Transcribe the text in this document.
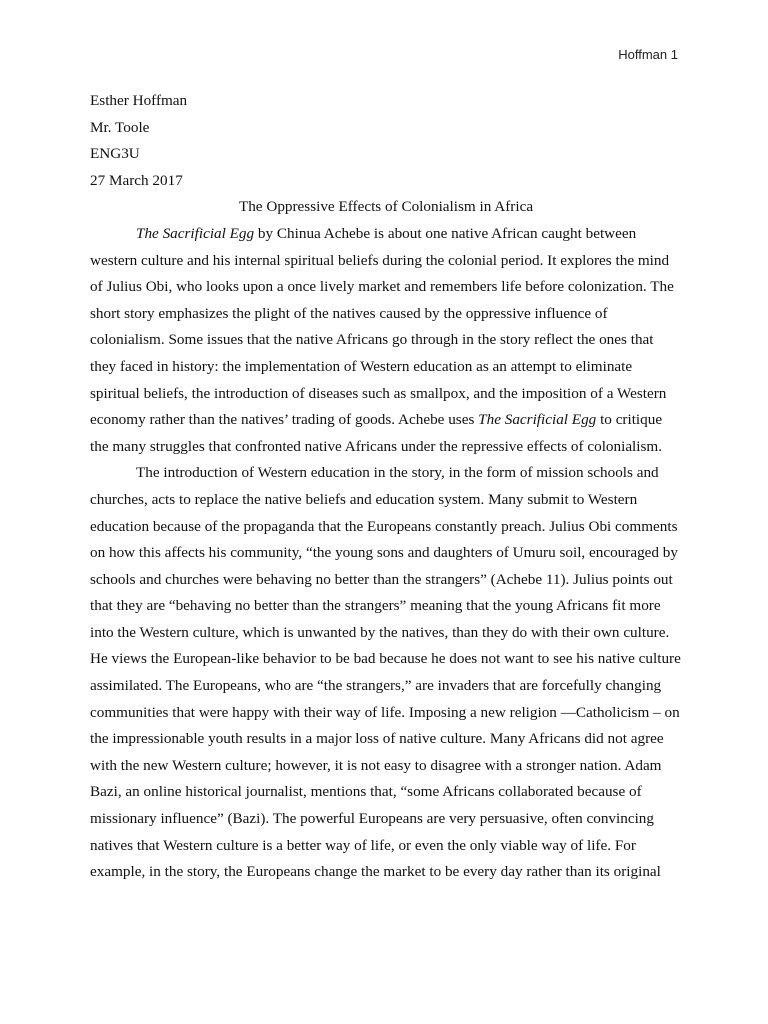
Hoffman 1
Esther Hoffman
Mr. Toole
ENG3U
27 March 2017
The Oppressive Effects of Colonialism in Africa
The Sacrificial Egg by Chinua Achebe is about one native African caught between
western culture and his internal spiritual beliefs during the colonial period. It explores the mind
of Julius Obi, who looks upon a once lively market and remembers life before colonization. The
short story emphasizes the plight of the natives caused by the oppressive influence of
colonialism. Some issues that the native Africans go through in the story reflect the ones that
they faced in history: the implementation of Western education as an attempt to eliminate
spiritual beliefs, the introduction of diseases such as smallpox, and the imposition of a Western
economy rather than the natives’ trading of goods. Achebe uses The Sacrificial Egg to critique
the many struggles that confronted native Africans under the repressive effects of colonialism.
The introduction of Western education in the story, in the form of mission schools and
churches, acts to replace the native beliefs and education system. Many submit to Western
education because of the propaganda that the Europeans constantly preach. Julius Obi comments
on how this affects his community, “the young sons and daughters of Umuru soil, encouraged by
schools and churches were behaving no better than the strangers” (Achebe 11). Julius points out
that they are “behaving no better than the strangers” meaning that the young Africans fit more
into the Western culture, which is unwanted by the natives, than they do with their own culture.
He views the European-like behavior to be bad because he does not want to see his native culture
assimilated. The Europeans, who are “the strangers,” are invaders that are forcefully changing
communities that were happy with their way of life. Imposing a new religion —Catholicism – on
the impressionable youth results in a major loss of native culture. Many Africans did not agree
with the new Western culture; however, it is not easy to disagree with a stronger nation. Adam
Bazi, an online historical journalist, mentions that, “some Africans collaborated because of
missionary influence” (Bazi). The powerful Europeans are very persuasive, often convincing
natives that Western culture is a better way of life, or even the only viable way of life. For
example, in the story, the Europeans change the market to be every day rather than its original
